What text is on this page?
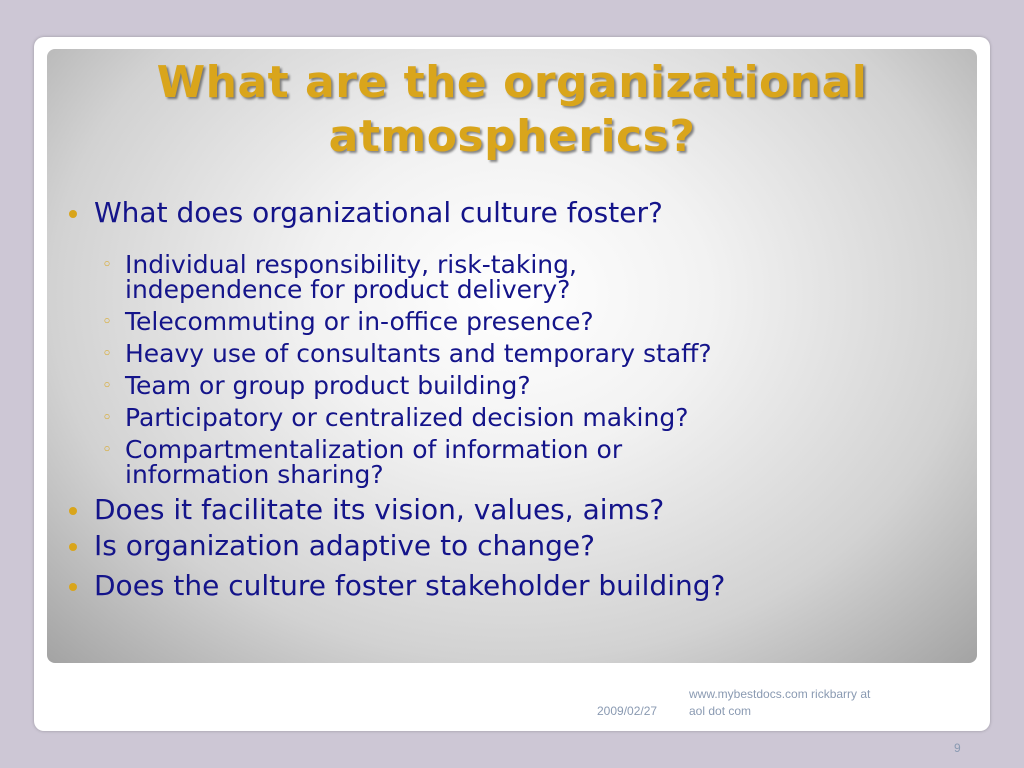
What are the organizational
atmospherics?
What does organizational culture foster?
◦ Individual responsibility, risk-taking,
independence for product delivery?
◦ Telecommuting or in-office presence?
◦ Heavy use of consultants and temporary staff?
◦ Team or group product building?
◦ Participatory or centralized decision making?
◦ Compartmentalization of information or
information sharing?
Does it facilitate its vision, values, aims?
Is organization adaptive to change?
Does the culture foster stakeholder building?
2009/02/27
www.mybestdocs.com rickbarry at
aol dot com
9
